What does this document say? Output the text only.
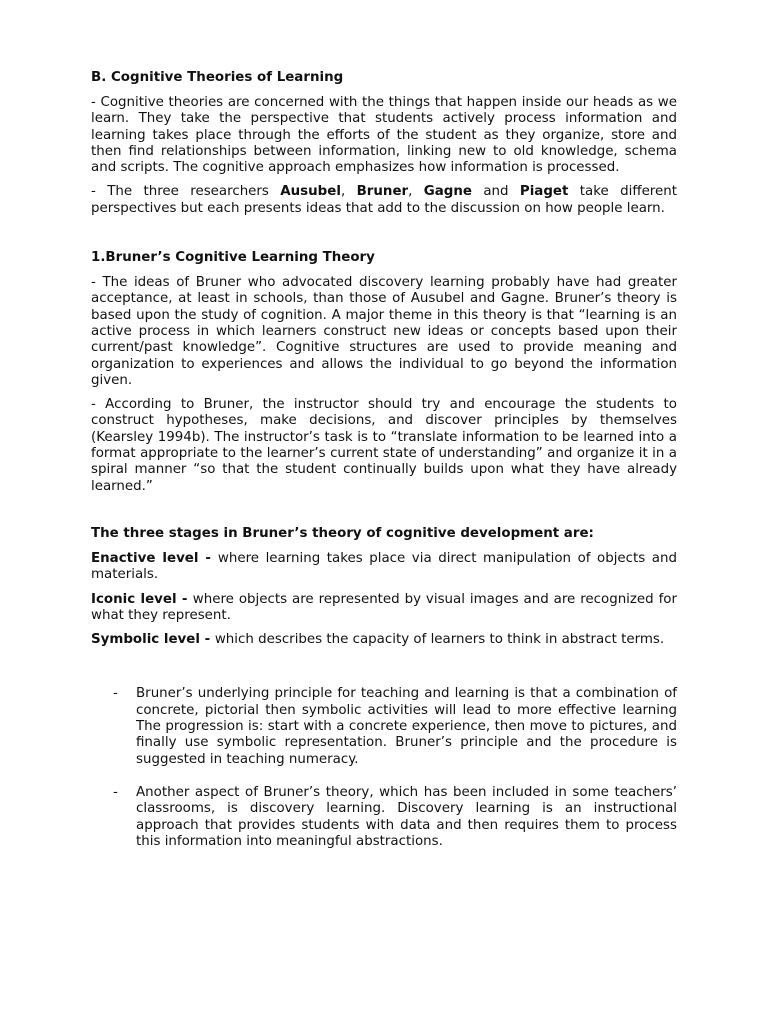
B. Cognitive Theories of Learning

- Cognitive theories are concerned with the things that happen inside our heads as we learn. They take the perspective that students actively process information and learning takes place through the efforts of the student as they organize, store and then find relationships between information, linking new to old knowledge, schema and scripts. The cognitive approach emphasizes how information is processed.

- The three researchers Ausubel, Bruner, Gagne and Piaget take different perspectives but each presents ideas that add to the discussion on how people learn.

1.Bruner’s Cognitive Learning Theory

- The ideas of Bruner who advocated discovery learning probably have had greater acceptance, at least in schools, than those of Ausubel and Gagne. Bruner’s theory is based upon the study of cognition. A major theme in this theory is that “learning is an active process in which learners construct new ideas or concepts based upon their current/past knowledge”. Cognitive structures are used to provide meaning and organization to experiences and allows the individual to go beyond the information given.

- According to Bruner, the instructor should try and encourage the students to construct hypotheses, make decisions, and discover principles by themselves (Kearsley 1994b). The instructor’s task is to “translate information to be learned into a format appropriate to the learner’s current state of understanding” and organize it in a spiral manner “so that the student continually builds upon what they have already learned.”

The three stages in Bruner’s theory of cognitive development are:

Enactive level - where learning takes place via direct manipulation of objects and materials.

Iconic level - where objects are represented by visual images and are recognized for what they represent.

Symbolic level - which describes the capacity of learners to think in abstract terms.

- Bruner’s underlying principle for teaching and learning is that a combination of concrete, pictorial then symbolic activities will lead to more effective learning The progression is: start with a concrete experience, then move to pictures, and finally use symbolic representation. Bruner’s principle and the procedure is suggested in teaching numeracy.
- Another aspect of Bruner’s theory, which has been included in some teachers’ classrooms, is discovery learning. Discovery learning is an instructional approach that provides students with data and then requires them to process this information into meaningful abstractions.
